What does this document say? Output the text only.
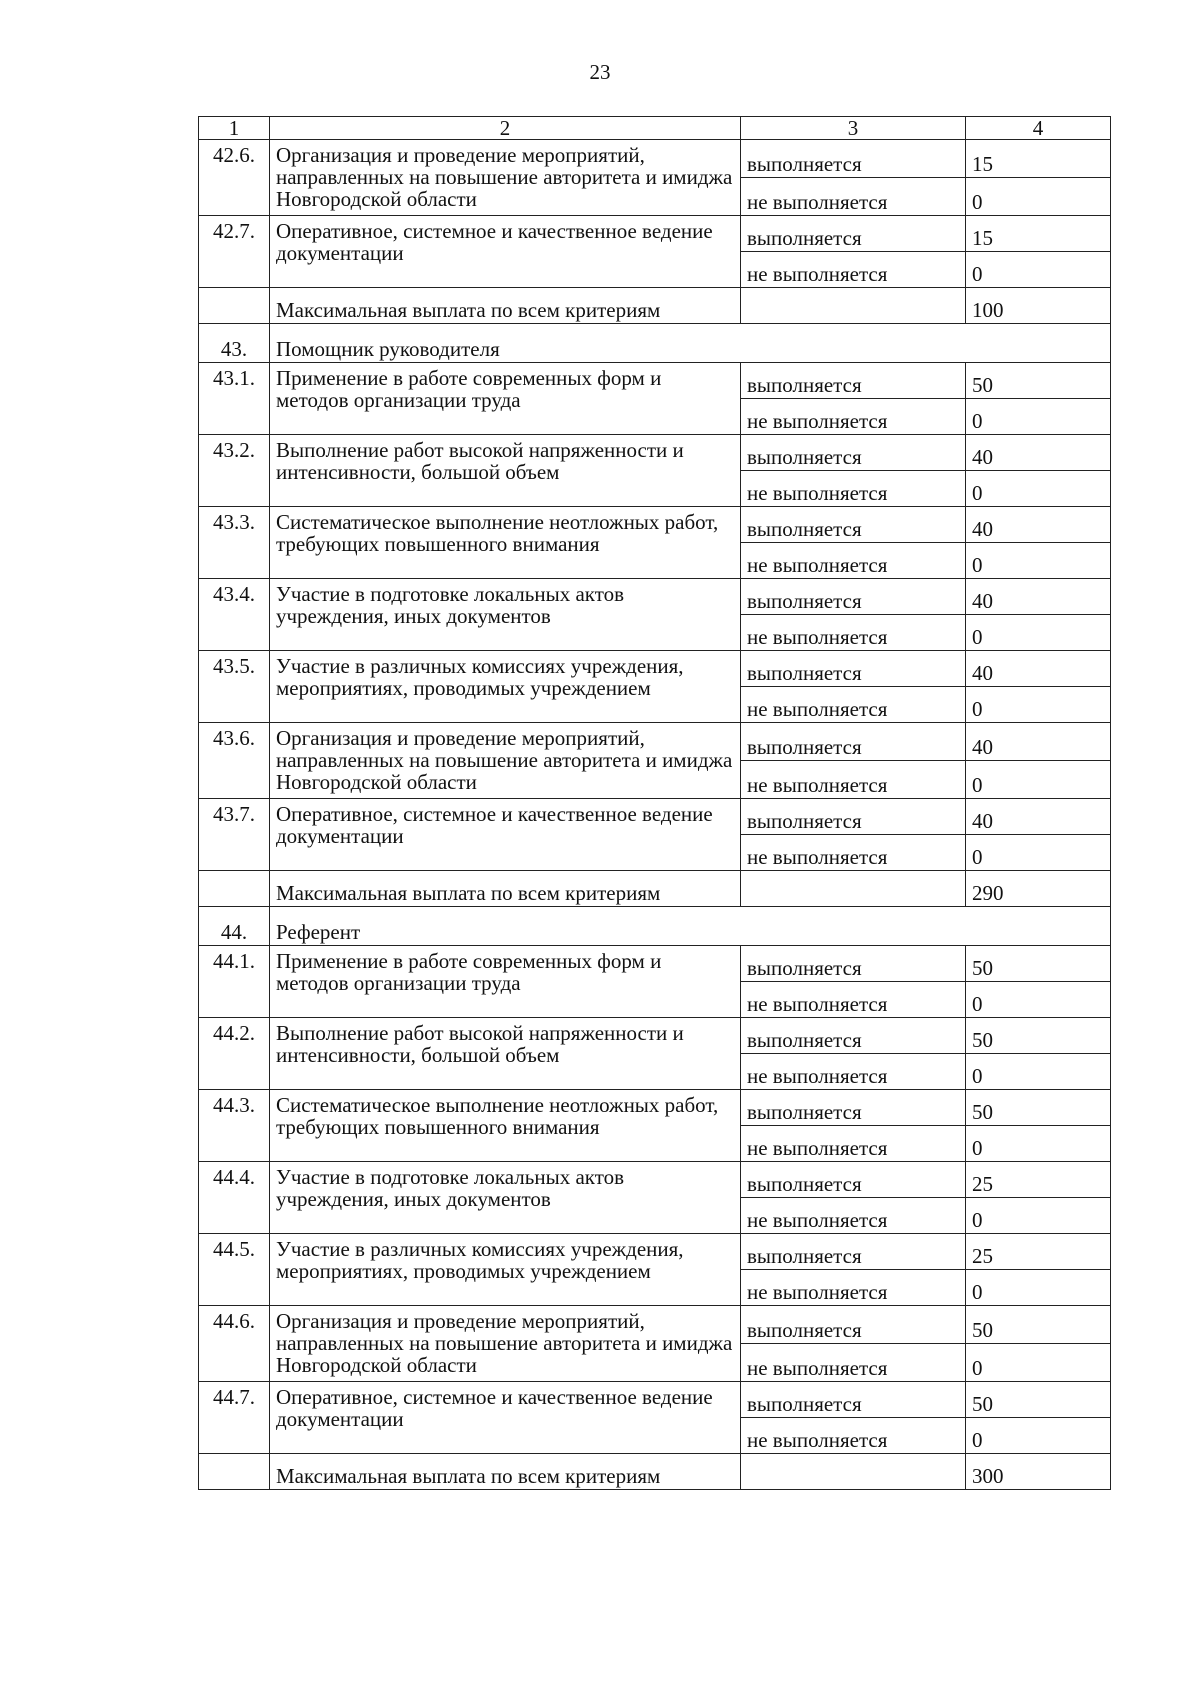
23
1	2	3	4
42.6.	Организация и проведение мероприятий, направленных на повышение авторитета и имиджа Новгородской области	выполняется	15
		не выполняется	0
42.7.	Оперативное, системное и качественное ведение документации	выполняется	15
		не выполняется	0
	Максимальная выплата по всем критериям		100
43.	Помощник руководителя		
43.1.	Применение в работе современных форм и методов организации труда	выполняется	50
		не выполняется	0
43.2.	Выполнение работ высокой напряженности и интенсивности, большой объем	выполняется	40
		не выполняется	0
43.3.	Систематическое выполнение неотложных работ, требующих повышенного внимания	выполняется	40
		не выполняется	0
43.4.	Участие в подготовке локальных актов учреждения, иных документов	выполняется	40
		не выполняется	0
43.5.	Участие в различных комиссиях учреждения, мероприятиях, проводимых учреждением	выполняется	40
		не выполняется	0
43.6.	Организация и проведение мероприятий, направленных на повышение авторитета и имиджа Новгородской области	выполняется	40
		не выполняется	0
43.7.	Оперативное, системное и качественное ведение документации	выполняется	40
		не выполняется	0
	Максимальная выплата по всем критериям		290
44.	Референт		
44.1.	Применение в работе современных форм и методов организации труда	выполняется	50
		не выполняется	0
44.2.	Выполнение работ высокой напряженности и интенсивности, большой объем	выполняется	50
		не выполняется	0
44.3.	Систематическое выполнение неотложных работ, требующих повышенного внимания	выполняется	50
		не выполняется	0
44.4.	Участие в подготовке локальных актов учреждения, иных документов	выполняется	25
		не выполняется	0
44.5.	Участие в различных комиссиях учреждения, мероприятиях, проводимых учреждением	выполняется	25
		не выполняется	0
44.6.	Организация и проведение мероприятий, направленных на повышение авторитета и имиджа Новгородской области	выполняется	50
		не выполняется	0
44.7.	Оперативное, системное и качественное ведение документации	выполняется	50
		не выполняется	0
	Максимальная выплата по всем критериям		300
